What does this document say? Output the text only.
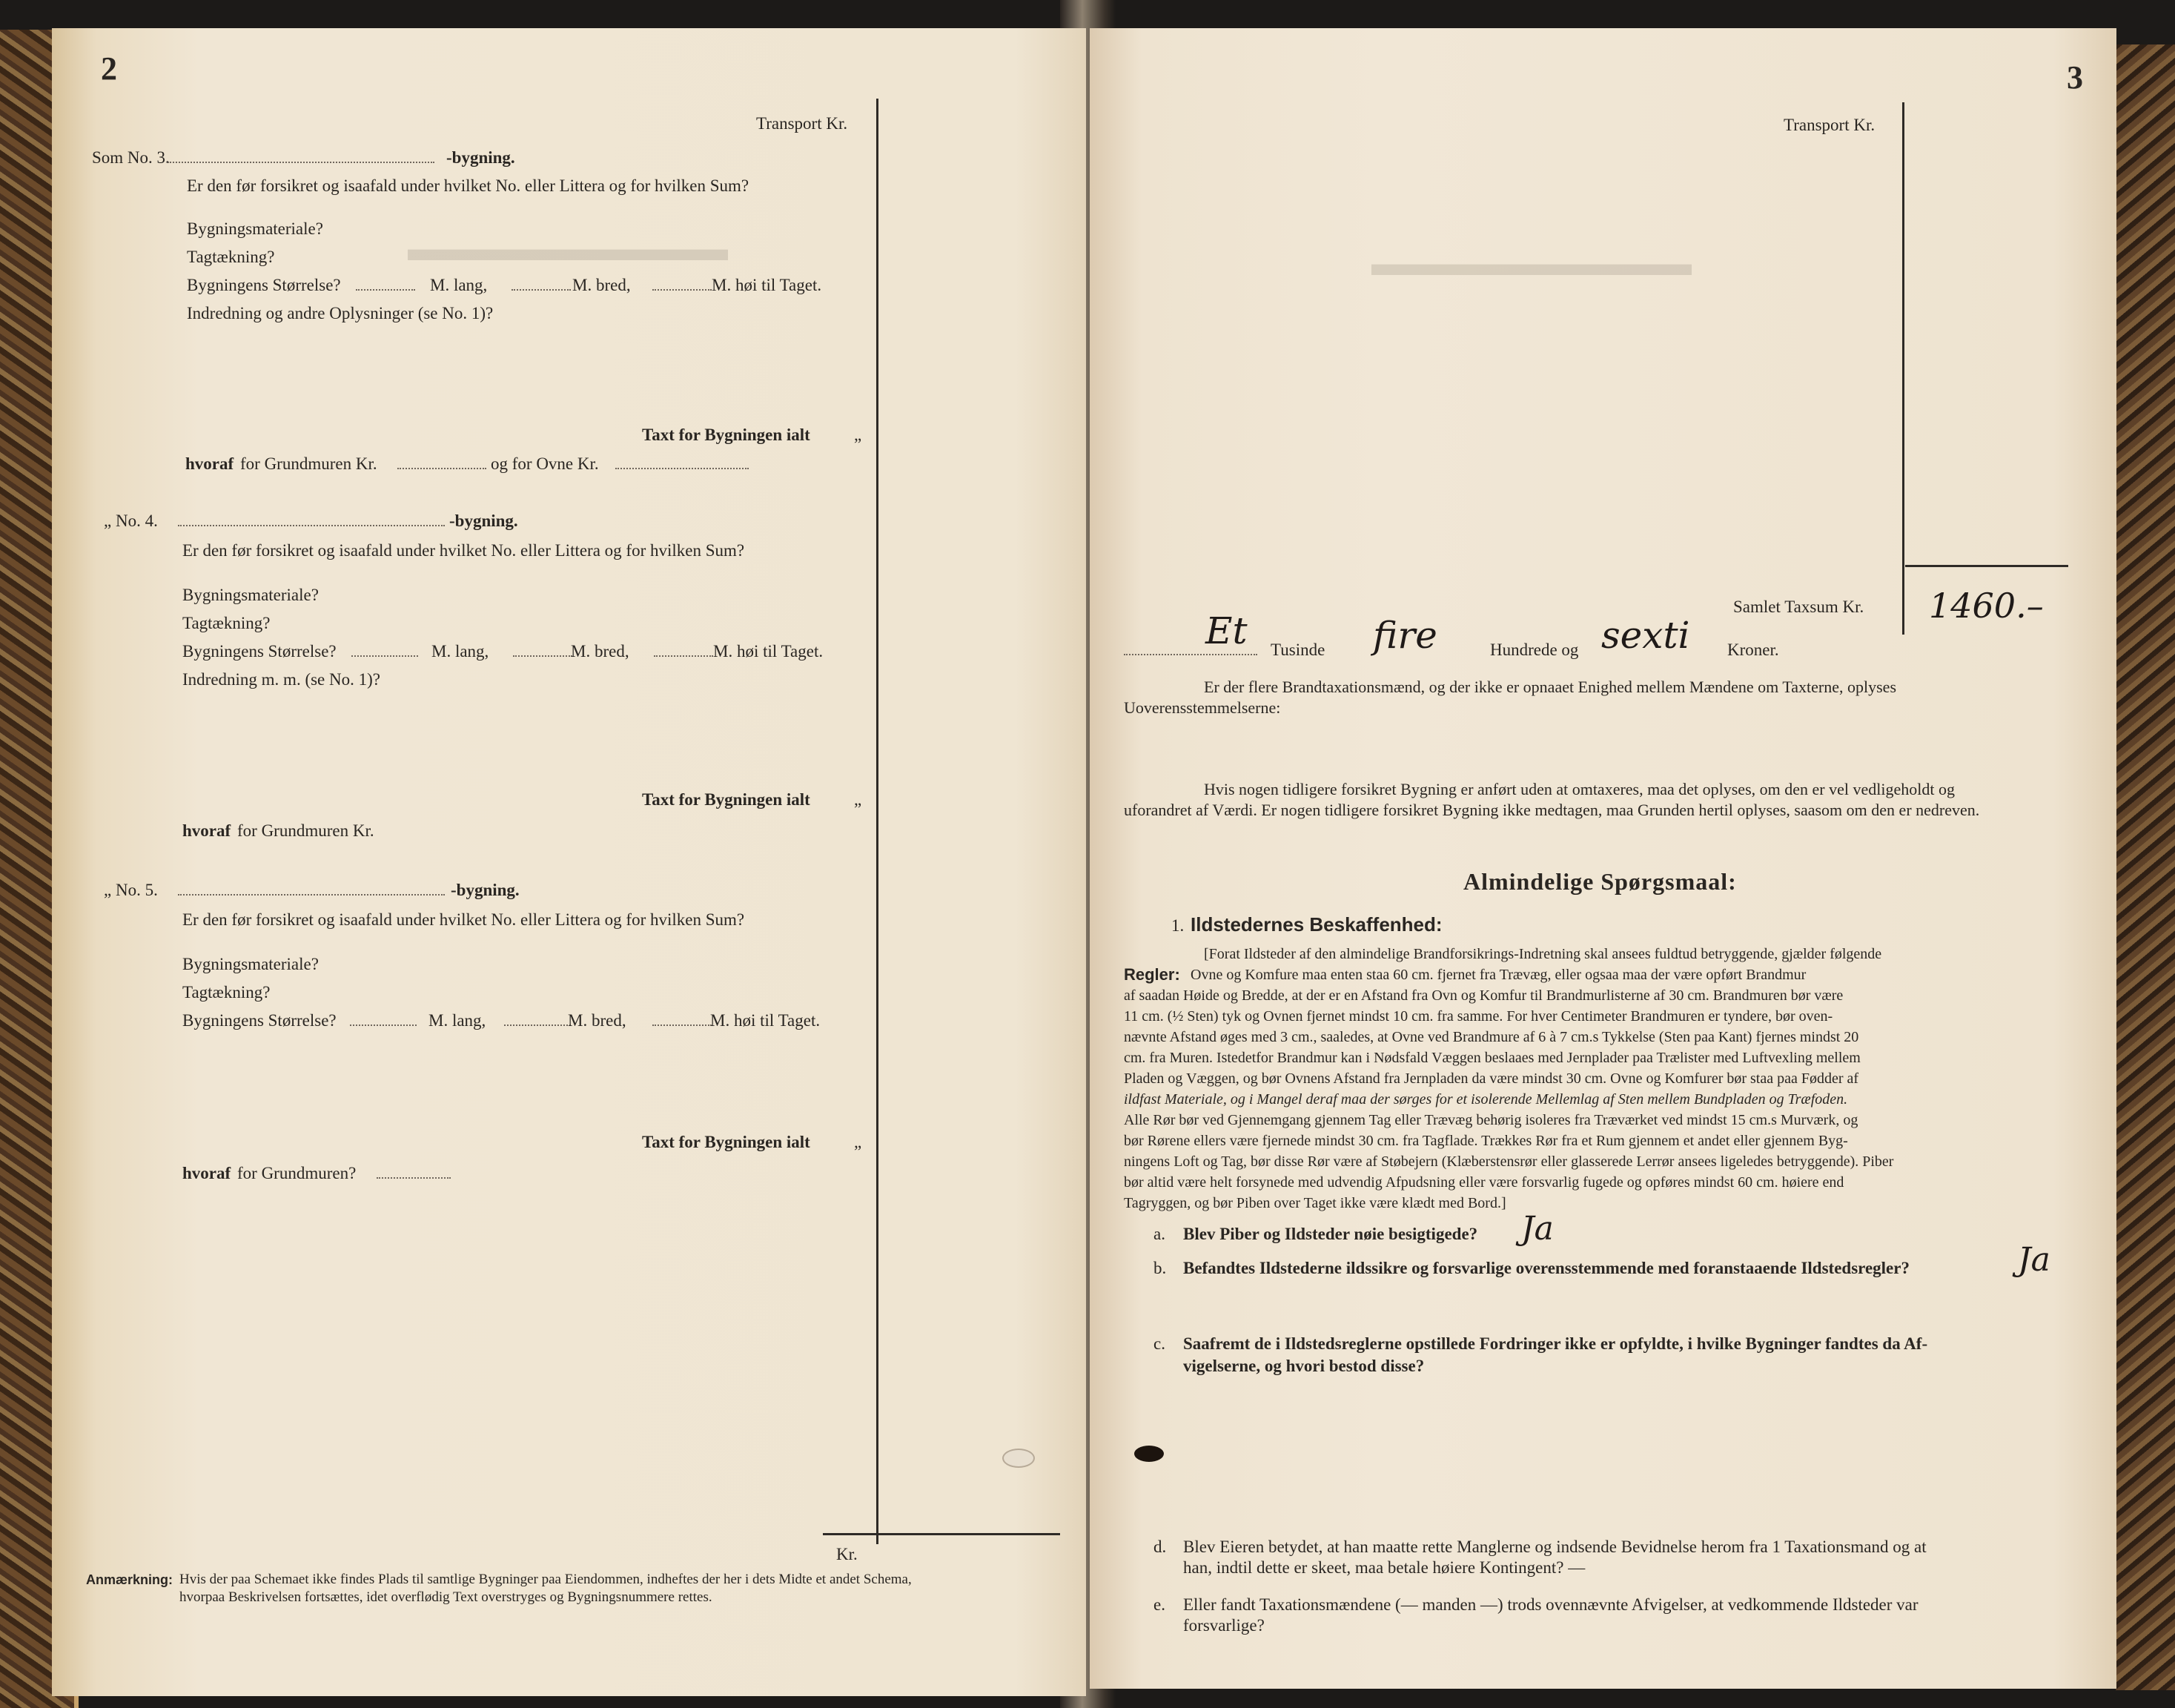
▬▬▬▬▬▬▬▬▬
2
Transport Kr.
Som No. 3.	-bygning.
Er den før forsikret og isaafald under hvilket No. eller Littera og for hvilken Sum?
Bygningsmateriale?
Tagtækning?
Bygningens Størrelse?	M. lang,	M. bred,	M. høi til Taget.
Indredning og andre Oplysninger (se No. 1)?
Taxt for Bygningen ialt	„
hvoraf for Grundmuren Kr.	og for Ovne Kr.
„ No. 4.	-bygning.
Er den før forsikret og isaafald under hvilket No. eller Littera og for hvilken Sum?
Bygningsmateriale?
Tagtækning?
Bygningens Størrelse?	M. lang,	M. bred,	M. høi til Taget.
Indredning m. m. (se No. 1)?
Taxt for Bygningen ialt	„
hvoraf for Grundmuren Kr.
„ No. 5.	-bygning.
Er den før forsikret og isaafald under hvilket No. eller Littera og for hvilken Sum?
Bygningsmateriale?
Tagtækning?
Bygningens Størrelse?	M. lang,	M. bred,	M. høi til Taget.
Taxt for Bygningen ialt	„
hvoraf for Grundmuren?
Kr.
Anmærkning: Hvis der paa Schemaet ikke findes Plads til samtlige Bygninger paa Eiendommen, indheftes der her i dets Midte et andet Schema,
hvorpaa Beskrivelsen fortsættes, idet overflødig Text overstryges og Bygningsnummere rettes.
▬▬▬▬▬▬▬▬▬
3
Transport Kr.
Samlet Taxsum Kr. 1460.–
Et Tusinde fire	Hundrede og sexti Kroner.
Er der flere Brandtaxationsmænd, og der ikke er opnaaet Enighed mellem Mændene om Taxterne, oplyses
Uoverensstemmelserne:
Hvis nogen tidligere forsikret Bygning er anført uden at omtaxeres, maa det oplyses, om den er vel vedligeholdt og
uforandret af Værdi. Er nogen tidligere forsikret Bygning ikke medtagen, maa Grunden hertil oplyses, saasom om den er nedreven.
Almindelige Spørgsmaal:
1. Ildstedernes Beskaffenhed:
Regler:
[Forat Ildsteder af den almindelige Brandforsikrings-Indretning skal ansees fuldtud betryggende, gjælder følgende
Ovne og Komfure maa enten staa 60 cm. fjernet fra Trævæg, eller ogsaa maa der være opført Brandmur
af saadan Høide og Bredde, at der er en Afstand fra Ovn og Komfur til Brandmurlisterne af 30 cm. Brandmuren bør være
11 cm. (½ Sten) tyk og Ovnen fjernet mindst 10 cm. fra samme. For hver Centimeter Brandmuren er tyndere, bør oven-
nævnte Afstand øges med 3 cm., saaledes, at Ovne ved Brandmure af 6 à 7 cm.s Tykkelse (Sten paa Kant) fjernes mindst 20
cm. fra Muren. Istedetfor Brandmur kan i Nødsfald Væggen beslaaes med Jernplader paa Trælister med Luftvexling mellem
Pladen og Væggen, og bør Ovnens Afstand fra Jernpladen da være mindst 30 cm. Ovne og Komfurer bør staa paa Fødder af
ildfast Materiale, og i Mangel deraf maa der sørges for et isolerende Mellemlag af Sten mellem Bundpladen og Træfoden.
Alle Rør bør ved Gjennemgang gjennem Tag eller Trævæg behørig isoleres fra Træværket ved mindst 15 cm.s Murværk, og
bør Rørene ellers være fjernede mindst 30 cm. fra Tagflade. Trækkes Rør fra et Rum gjennem et andet eller gjennem Byg-
ningens Loft og Tag, bør disse Rør være af Støbejern (Klæberstensrør eller glasserede Lerrør ansees ligeledes betryggende). Piber
bør altid være helt forsynede med udvendig Afpudsning eller være forsvarlig fugede og opføres mindst 60 cm. høiere end
Tagryggen, og bør Piben over Taget ikke være klædt med Bord.]
a. Blev Piber og Ildsteder nøie besigtigede? Ja
b. Befandtes Ildstederne ildssikre og forsvarlige overensstemmende med foranstaaende Ildstedsregler?	Ja
c. Saafremt de i Ildstedsreglerne opstillede Fordringer ikke er opfyldte, i hvilke Bygninger fandtes da Af-
vigelserne, og hvori bestod disse?
d. Blev Eieren betydet, at han maatte rette Manglerne og indsende Bevidnelse herom fra 1 Taxationsmand og at
han, indtil dette er skeet, maa betale høiere Kontingent? —
e. Eller fandt Taxationsmændene (— manden —) trods ovennævnte Afvigelser, at vedkommende Ildsteder var
forsvarlige?
